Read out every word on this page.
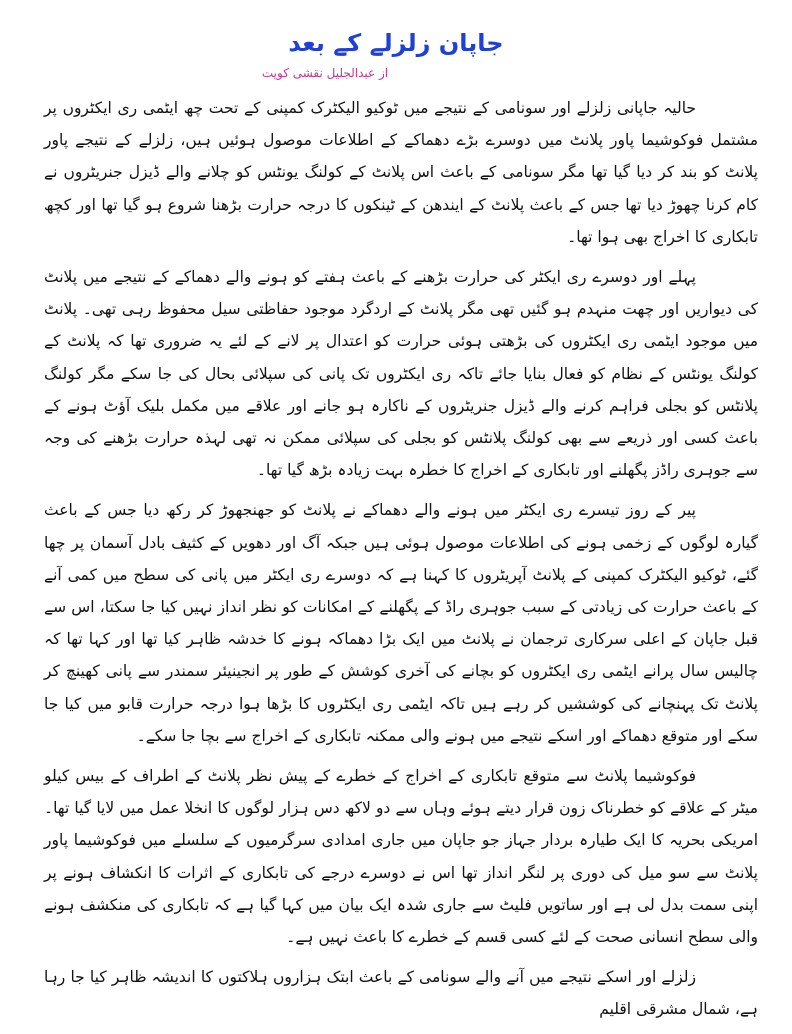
جاپان زلزلے کے بعد
از عبدالجلیل نقشی کویت

حالیہ جاپانی زلزلے اور سونامی کے نتیجے میں ٹوکیو الیکٹرک کمپنی کے تحت چھ ایٹمی ری ایکٹروں پر مشتمل فوکوشیما پاور پلانٹ میں دوسرے بڑے دھماکے کے اطلاعات موصول ہوئیں ہیں، زلزلے کے نتیجے پاور پلانٹ کو بند کر دیا گیا تھا مگر سونامی کے باعث اس پلانٹ کے کولنگ یونٹس کو چلانے والے ڈیزل جنریٹروں نے کام کرنا چھوڑ دیا تھا جس کے باعث پلانٹ کے ایندھن کے ٹینکوں کا درجہ حرارت بڑھنا شروع ہو گیا تھا اور کچھ تابکاری کا اخراج بھی ہوا تھا۔

پہلے اور دوسرے ری ایکٹر کی حرارت بڑھنے کے باعث ہفتے کو ہونے والے دھماکے کے نتیجے میں پلانٹ کی دیواریں اور چھت منہدم ہو گئیں تھی مگر پلانٹ کے اردگرد موجود حفاظتی سیل محفوظ رہی تھی۔ پلانٹ میں موجود ایٹمی ری ایکٹروں کی بڑھتی ہوئی حرارت کو اعتدال پر لانے کے لئے یہ ضروری تھا کہ پلانٹ کے کولنگ یونٹس کے نظام کو فعال بنایا جائے تاکہ ری ایکٹروں تک پانی کی سپلائی بحال کی جا سکے مگر کولنگ پلانٹس کو بجلی فراہم کرنے والے ڈیزل جنریٹروں کے ناکارہ ہو جانے اور علاقے میں مکمل بلیک آؤٹ ہونے کے باعث کسی اور ذریعے سے بھی کولنگ پلانٹس کو بجلی کی سپلائی ممکن نہ تھی لہذہ حرارت بڑھنے کی وجہ سے جوہری راڈز پگھلنے اور تابکاری کے اخراج کا خطرہ بہت زیادہ بڑھ گیا تھا۔

پیر کے روز تیسرے ری ایکٹر میں ہونے والے دھماکے نے پلانٹ کو جھنجھوڑ کر رکھ دیا جس کے باعث گیارہ لوگوں کے زخمی ہونے کی اطلاعات موصول ہوئی ہیں جبکہ آگ اور دھویں کے کثیف بادل آسمان پر چھا گئے، ٹوکیو الیکٹرک کمپنی کے پلانٹ آپریٹروں کا کہنا ہے کہ دوسرے ری ایکٹر میں پانی کی سطح میں کمی آنے کے باعث حرارت کی زیادتی کے سبب جوہری راڈ کے پگھلنے کے امکانات کو نظر انداز نہیں کیا جا سکتا، اس سے قبل جاپان کے اعلی سرکاری ترجمان نے پلانٹ میں ایک بڑا دھماکہ ہونے کا خدشہ ظاہر کیا تھا اور کہا تھا کہ چالیس سال پرانے ایٹمی ری ایکٹروں کو بچانے کی آخری کوشش کے طور پر انجینیئر سمندر سے پانی کھینچ کر پلانٹ تک پہنچانے کی کوششیں کر رہے ہیں تاکہ ایٹمی ری ایکٹروں کا بڑھا ہوا درجہ حرارت قابو میں کیا جا سکے اور متوقع دھماکے اور اسکے نتیجے میں ہونے والی ممکنہ تابکاری کے اخراج سے بچا جا سکے۔

فوکوشیما پلانٹ سے متوقع تابکاری کے اخراج کے خطرے کے پیش نظر پلانٹ کے اطراف کے بیس کیلو میٹر کے علاقے کو خطرناک زون قرار دیتے ہوئے وہاں سے دو لاکھ دس ہزار لوگوں کا انخلا عمل میں لایا گیا تھا۔ امریکی بحریہ کا ایک طیارہ بردار جہاز جو جاپان میں جاری امدادی سرگرمیوں کے سلسلے میں فوکوشیما پاور پلانٹ سے سو میل کی دوری پر لنگر انداز تھا اس نے دوسرے درجے کی تابکاری کے اثرات کا انکشاف ہونے پر اپنی سمت بدل لی ہے اور ساتویں فلیٹ سے جاری شدہ ایک بیان میں کہا گیا ہے کہ تابکاری کی منکشف ہونے والی سطح انسانی صحت کے لئے کسی قسم کے خطرے کا باعث نہیں ہے۔

زلزلے اور اسکے نتیجے میں آنے والے سونامی کے باعث ابتک ہزاروں ہلاکتوں کا اندیشہ ظاہر کیا جا رہا ہے، شمال مشرقی اقلیم
